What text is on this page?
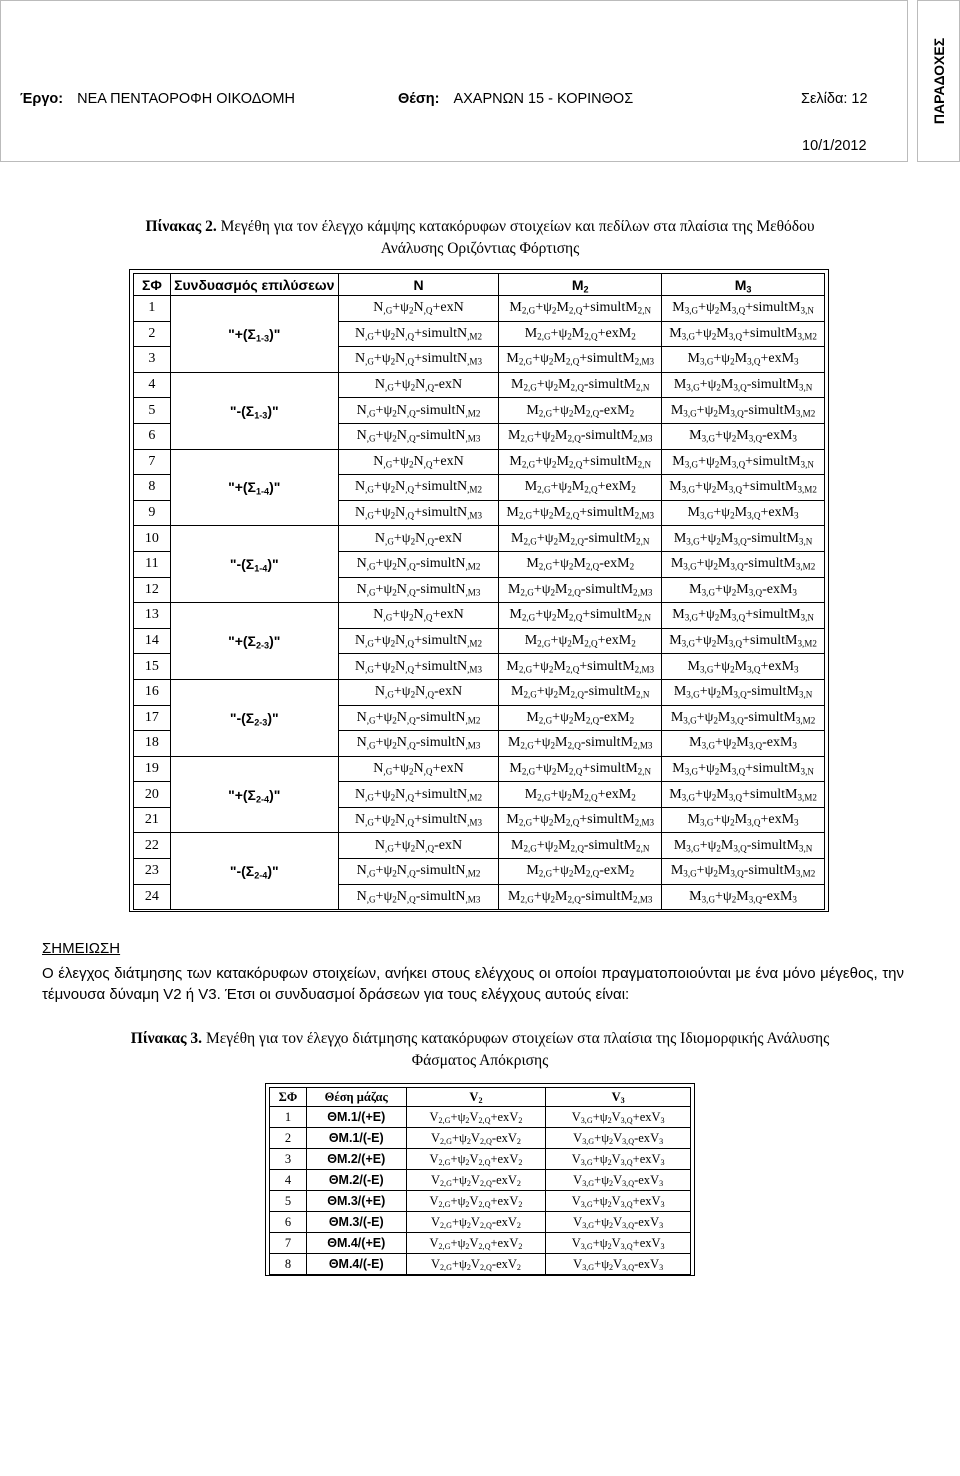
Έργο: ΝΕΑ ΠΕΝΤΑΟΡΟΦΗ ΟΙΚΟΔΟΜΗ	Θέση: ΑΧΑΡΝΩΝ 15 - ΚΟΡΙΝΘΟΣ	Σελίδα: 12
10/1/2012
ΠΑΡΑΔΟΧΕΣ
Πίνακας 2. Μεγέθη για τον έλεγχο κάμψης κατακόρυφων στοιχείων και πεδίλων στα πλαίσια της Μεθόδου
Ανάλυσης Οριζόντιας Φόρτισης
ΣΦ	Συνδυασμός επιλύσεων	N	$M_2$	$M_3$
1	"$+(\Sigma_{1-3})$"	$N_{,G}+\psi_2N_{,Q}+exN$	$M_{2,G}+\psi_2M_{2,Q}+simultM_{2,N}$	$M_{3,G}+\psi_2M_{3,Q}+simultM_{3,N}$
2		$N_{,G}+\psi_2N_{,Q}+simultN_{,M2}$	$M_{2,G}+\psi_2M_{2,Q}+exM_2$	$M_{3,G}+\psi_2M_{3,Q}+simultM_{3,M2}$
3		$N_{,G}+\psi_2N_{,Q}+simultN_{,M3}$	$M_{2,G}+\psi_2M_{2,Q}+simultM_{2,M3}$	$M_{3,G}+\psi_2M_{3,Q}+exM_3$
4	"$-(\Sigma_{1-3})$"	$N_{,G}+\psi_2N_{,Q}$-exN	$M_{2,G}+\psi_2M_{2,Q}-simultM_{2,N}$	$M_{3,G}+\psi_2M_{3,Q}-simultM_{3,N}$
5		$N_{,G}+\psi_2N_{,Q}-simultN_{,M2}$	$M_{2,G}+\psi_2M_{2,Q}-exM_2$	$M_{3,G}+\psi_2M_{3,Q}-simultM_{3,M2}$
6		$N_{,G}+\psi_2N_{,Q}-simultN_{,M3}$	$M_{2,G}+\psi_2M_{2,Q}-simultM_{2,M3}$	$M_{3,G}+\psi_2M_{3,Q}-exM_3$
7	"$+(\Sigma_{1-4})$"	$N_{,G}+\psi_2N_{,Q}+exN$	$M_{2,G}+\psi_2M_{2,Q}+simultM_{2,N}$	$M_{3,G}+\psi_2M_{3,Q}+simultM_{3,N}$
8		$N_{,G}+\psi_2N_{,Q}+simultN_{,M2}$	$M_{2,G}+\psi_2M_{2,Q}+exM_2$	$M_{3,G}+\psi_2M_{3,Q}+simultM_{3,M2}$
9		$N_{,G}+\psi_2N_{,Q}+simultN_{,M3}$	$M_{2,G}+\psi_2M_{2,Q}+simultM_{2,M3}$	$M_{3,G}+\psi_2M_{3,Q}+exM_3$
10	"$-(\Sigma_{1-4})$"	$N_{,G}+\psi_2N_{,Q}$-exN	$M_{2,G}+\psi_2M_{2,Q}-simultM_{2,N}$	$M_{3,G}+\psi_2M_{3,Q}-simultM_{3,N}$
11		$N_{,G}+\psi_2N_{,Q}-simultN_{,M2}$	$M_{2,G}+\psi_2M_{2,Q}-exM_2$	$M_{3,G}+\psi_2M_{3,Q}-simultM_{3,M2}$
12		$N_{,G}+\psi_2N_{,Q}-simultN_{,M3}$	$M_{2,G}+\psi_2M_{2,Q}-simultM_{2,M3}$	$M_{3,G}+\psi_2M_{3,Q}-exM_3$
13	"$+(\Sigma_{2-3})$"	$N_{,G}+\psi_2N_{,Q}+exN$	$M_{2,G}+\psi_2M_{2,Q}+simultM_{2,N}$	$M_{3,G}+\psi_2M_{3,Q}+simultM_{3,N}$
14		$N_{,G}+\psi_2N_{,Q}+simultN_{,M2}$	$M_{2,G}+\psi_2M_{2,Q}+exM_2$	$M_{3,G}+\psi_2M_{3,Q}+simultM_{3,M2}$
15		$N_{,G}+\psi_2N_{,Q}+simultN_{,M3}$	$M_{2,G}+\psi_2M_{2,Q}+simultM_{2,M3}$	$M_{3,G}+\psi_2M_{3,Q}+exM_3$
16	"$-(\Sigma_{2-3})$"	$N_{,G}+\psi_2N_{,Q}$-exN	$M_{2,G}+\psi_2M_{2,Q}-simultM_{2,N}$	$M_{3,G}+\psi_2M_{3,Q}-simultM_{3,N}$
17		$N_{,G}+\psi_2N_{,Q}-simultN_{,M2}$	$M_{2,G}+\psi_2M_{2,Q}-exM_2$	$M_{3,G}+\psi_2M_{3,Q}-simultM_{3,M2}$
18		$N_{,G}+\psi_2N_{,Q}-simultN_{,M3}$	$M_{2,G}+\psi_2M_{2,Q}-simultM_{2,M3}$	$M_{3,G}+\psi_2M_{3,Q}-exM_3$
19	"$+(\Sigma_{2-4})$"	$N_{,G}+\psi_2N_{,Q}+exN$	$M_{2,G}+\psi_2M_{2,Q}+simultM_{2,N}$	$M_{3,G}+\psi_2M_{3,Q}+simultM_{3,N}$
20		$N_{,G}+\psi_2N_{,Q}+simultN_{,M2}$	$M_{2,G}+\psi_2M_{2,Q}+exM_2$	$M_{3,G}+\psi_2M_{3,Q}+simultM_{3,M2}$
21		$N_{,G}+\psi_2N_{,Q}+simultN_{,M3}$	$M_{2,G}+\psi_2M_{2,Q}+simultM_{2,M3}$	$M_{3,G}+\psi_2M_{3,Q}+exM_3$
22	"$-(\Sigma_{2-4})$"	$N_{,G}+\psi_2N_{,Q}$-exN	$M_{2,G}+\psi_2M_{2,Q}-simultM_{2,N}$	$M_{3,G}+\psi_2M_{3,Q}-simultM_{3,N}$
23		$N_{,G}+\psi_2N_{,Q}-simultN_{,M2}$	$M_{2,G}+\psi_2M_{2,Q}-exM_2$	$M_{3,G}+\psi_2M_{3,Q}-simultM_{3,M2}$
24		$N_{,G}+\psi_2N_{,Q}-simultN_{,M3}$	$M_{2,G}+\psi_2M_{2,Q}-simultM_{2,M3}$	$M_{3,G}+\psi_2M_{3,Q}-exM_3$
ΣΗΜΕΙΩΣΗ
Ο έλεγχος διάτμησης των κατακόρυφων στοιχείων, ανήκει στους ελέγχους οι οποίοι πραγματοποιούνται με ένα μόνο μέγεθος, την τέμνουσα δύναμη V2 ή V3. Έτσι οι συνδυασμοί δράσεων για τους ελέγχους αυτούς είναι:
Πίνακας 3. Μεγέθη για τον έλεγχο διάτμησης κατακόρυφων στοιχείων στα πλαίσια της Ιδιομορφικής Ανάλυσης
Φάσματος Απόκρισης
ΣΦ	Θέση μάζας	$V_2$	$V_3$
1	ΘΜ.1/(+Ε)	$V_{2,G}+\psi_2V_{2,Q}+exV_2$	$V_{3,G}+\psi_2V_{3,Q}+exV_3$
2	ΘΜ.1/(-Ε)	$V_{2,G}+\psi_2V_{2,Q}-exV_2$	$V_{3,G}+\psi_2V_{3,Q}-exV_3$
3	ΘΜ.2/(+Ε)	$V_{2,G}+\psi_2V_{2,Q}+exV_2$	$V_{3,G}+\psi_2V_{3,Q}+exV_3$
4	ΘΜ.2/(-Ε)	$V_{2,G}+\psi_2V_{2,Q}-exV_2$	$V_{3,G}+\psi_2V_{3,Q}-exV_3$
5	ΘΜ.3/(+Ε)	$V_{2,G}+\psi_2V_{2,Q}+exV_2$	$V_{3,G}+\psi_2V_{3,Q}+exV_3$
6	ΘΜ.3/(-Ε)	$V_{2,G}+\psi_2V_{2,Q}-exV_2$	$V_{3,G}+\psi_2V_{3,Q}-exV_3$
7	ΘΜ.4/(+Ε)	$V_{2,G}+\psi_2V_{2,Q}+exV_2$	$V_{3,G}+\psi_2V_{3,Q}+exV_3$
8	ΘΜ.4/(-Ε)	$V_{2,G}+\psi_2V_{2,Q}-exV_2$	$V_{3,G}+\psi_2V_{3,Q}-exV_3$
